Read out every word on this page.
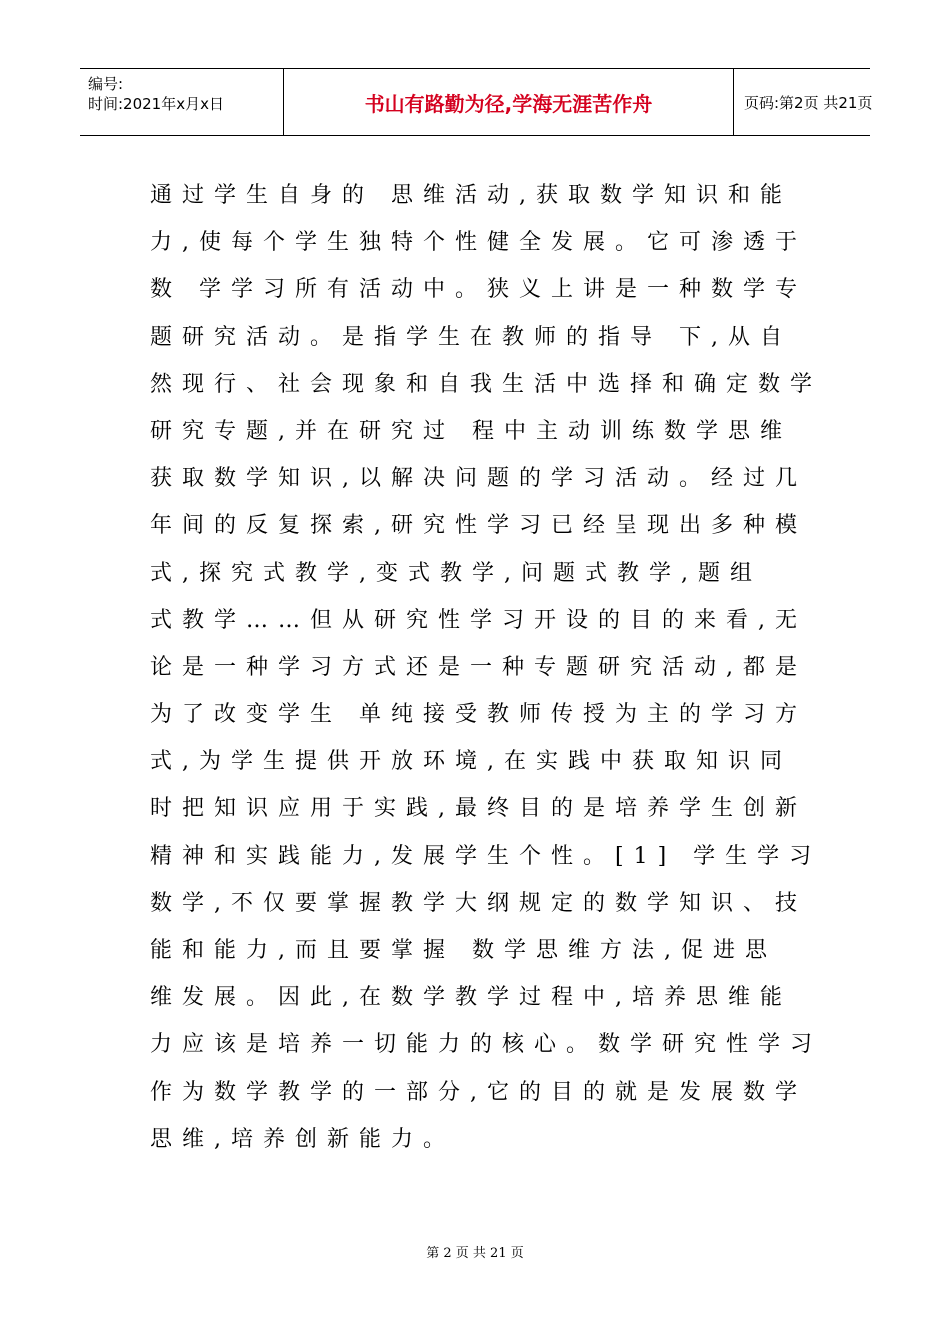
编号:
时间:2021年x月x日	书山有路勤为径,学海无涯苦作舟	页码:第2页 共21页
通过学生自身的 思维活动,获取数学知识和能
力,使每个学生独特个性健全发展。它可渗透于
数 学学习所有活动中。狭义上讲是一种数学专
题研究活动。是指学生在教师的指导 下,从自
然现行、社会现象和自我生活中选择和确定数学
研究专题,并在研究过 程中主动训练数学思维
获取数学知识,以解决问题的学习活动。经过几
年间的反复探索,研究性学习已经呈现出多种模
式,探究式教学,变式教学,问题式教学,题组
式教学……但从研究性学习开设的目的来看,无
论是一种学习方式还是一种专题研究活动,都是
为了改变学生 单纯接受教师传授为主的学习方
式,为学生提供开放环境,在实践中获取知识同
时把知识应用于实践,最终目的是培养学生创新
精神和实践能力,发展学生个性。[1] 学生学习
数学,不仅要掌握教学大纲规定的数学知识、技
能和能力,而且要掌握 数学思维方法,促进思
维发展。因此,在数学教学过程中,培养思维能
力应该是培养一切能力的核心。数学研究性学习
作为数学教学的一部分,它的目的就是发展数学
思维,培养创新能力。
第 2 页 共 21 页
